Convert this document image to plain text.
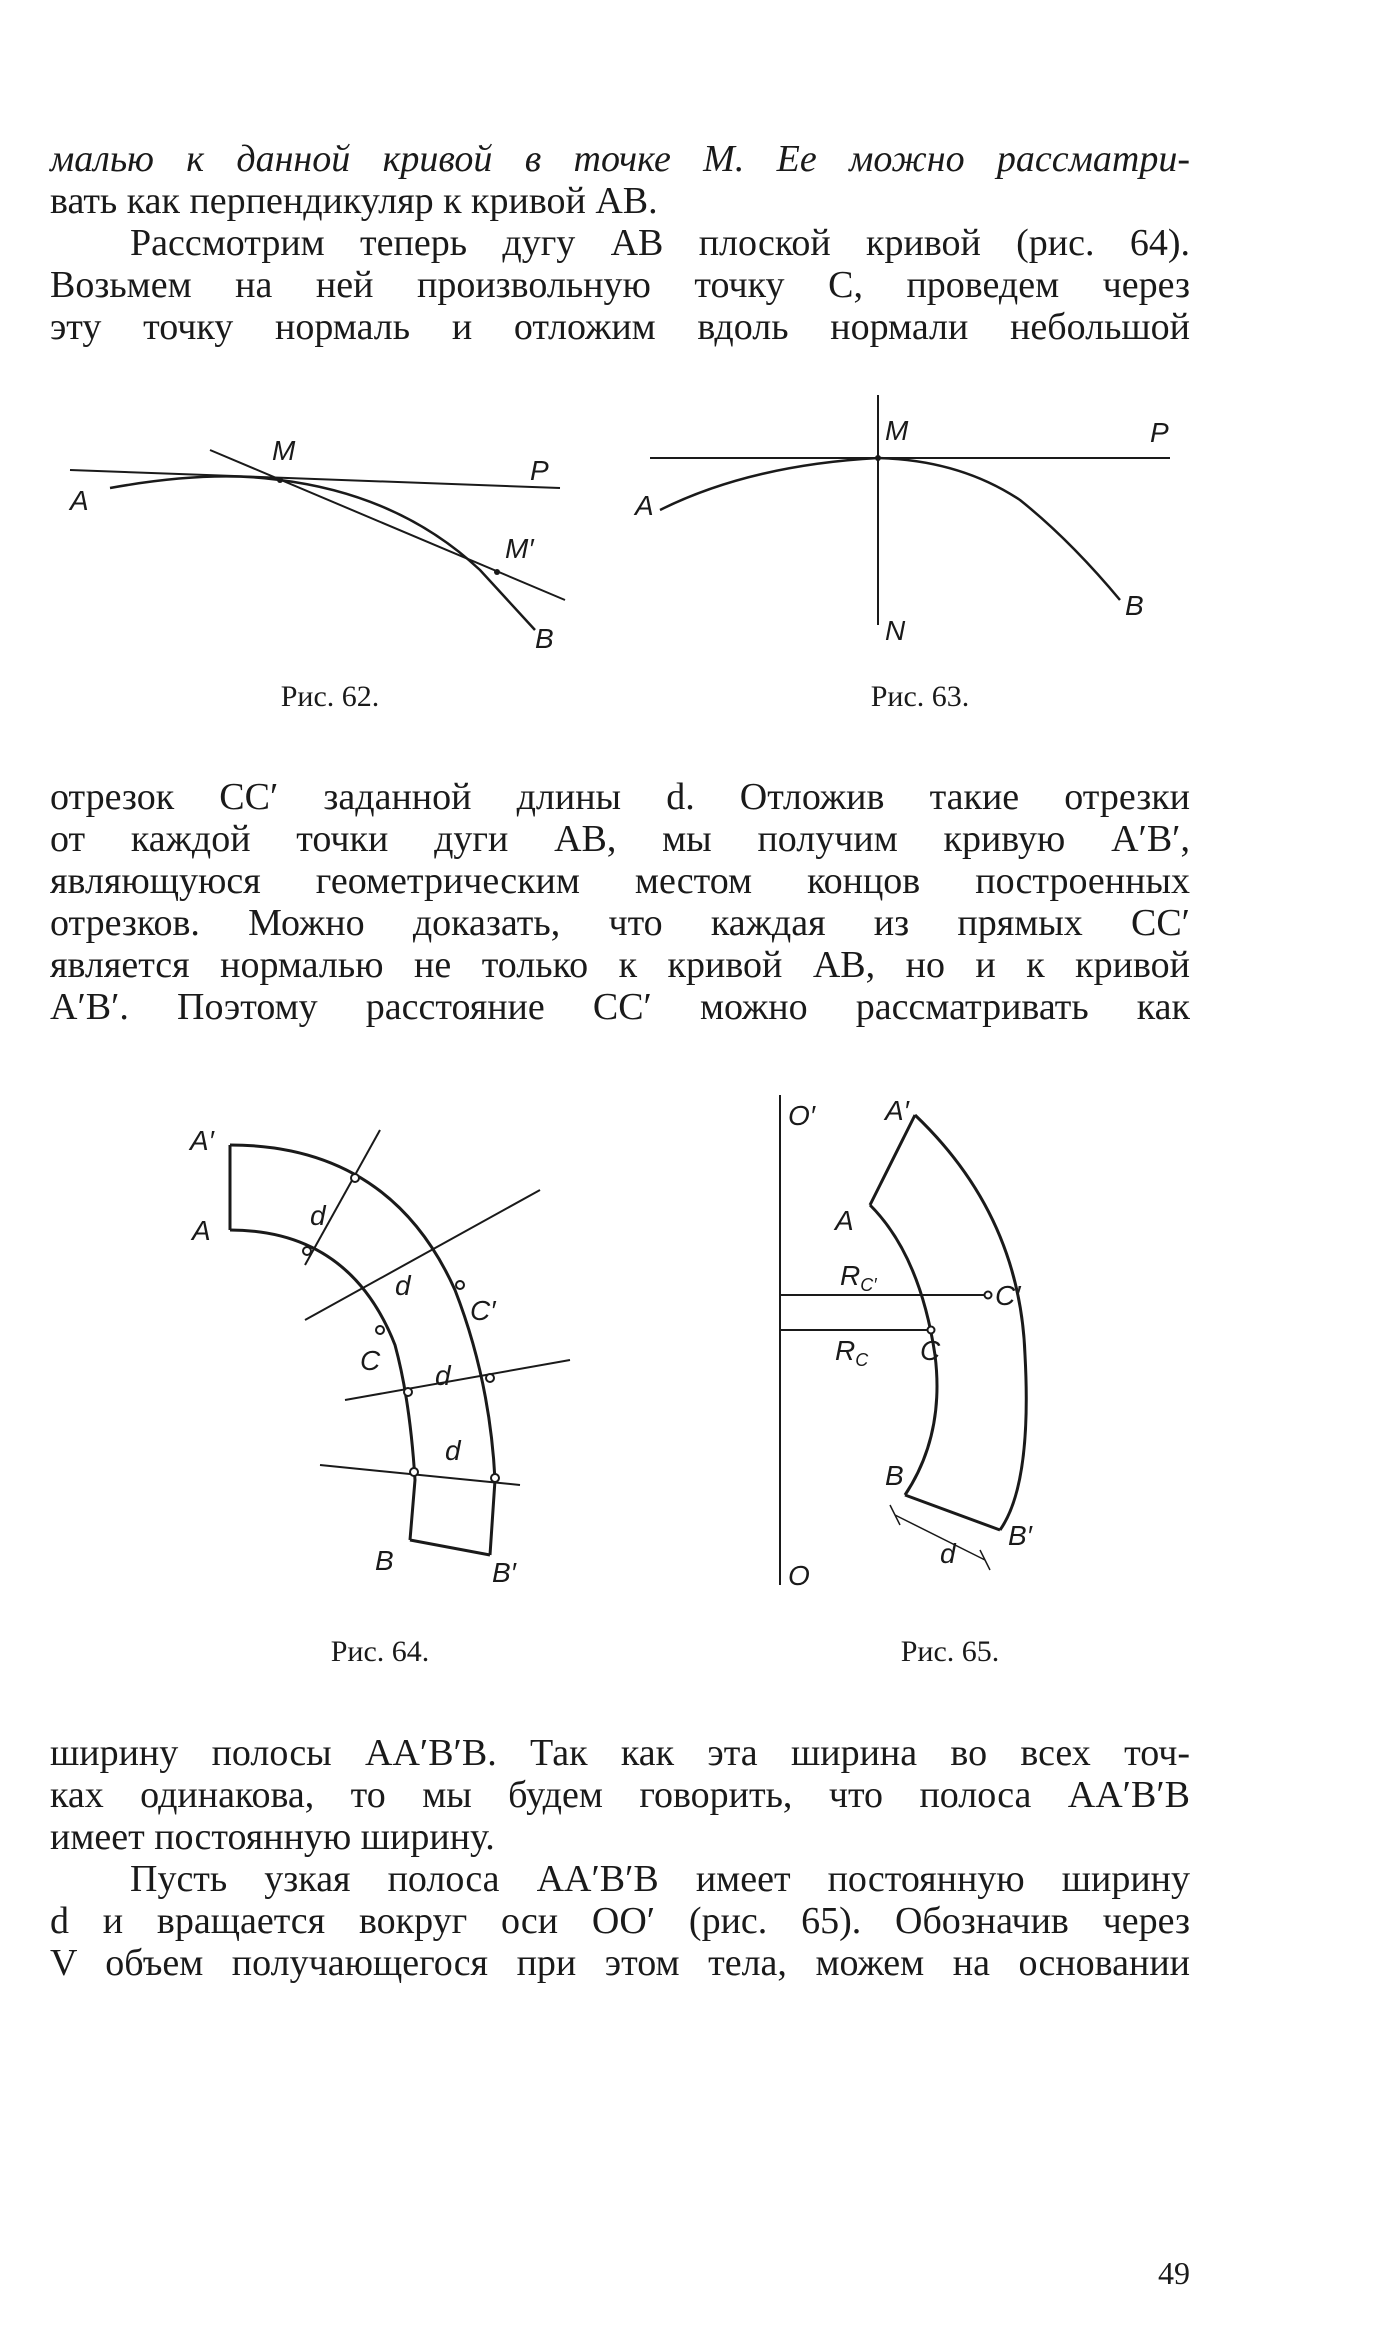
малью к данной кривой в точке M. Ее можно рассматри-
вать как перпендикуляр к кривой AB.
Рассмотрим теперь дугу AB плоской кривой (рис. 64).
Возьмем на ней произвольную точку C, проведем через
эту точку нормаль и отложим вдоль нормали небольшой
A
M
P
M′
B
Рис. 62.
A
M	P
B
N
Рис. 63.
отрезок CC′ заданной длины d. Отложив такие отрезки
от каждой точки дуги AB, мы получим кривую A′B′,
являющуюся геометрическим местом концов построенных
отрезков. Можно доказать, что каждая из прямых CC′
является нормалью не только к кривой AB, но и к кривой
A′B′. Поэтому расстояние CC′ можно рассматривать как
A′
A	d
d
C′
C d
d
B	B′
Рис. 64.
O′
O
A′
A
$R_{C'}$	C′
$R_C$ C
B
B′
d
Рис. 65.
ширину полосы AA′B′B. Так как эта ширина во всех точ-
ках одинакова, то мы будем говорить, что полоса AA′B′B
имеет постоянную ширину.
Пусть узкая полоса AA′B′B имеет постоянную ширину
d и вращается вокруг оси OO′ (рис. 65). Обозначив через
V объем получающегося при этом тела, можем на основании
49
